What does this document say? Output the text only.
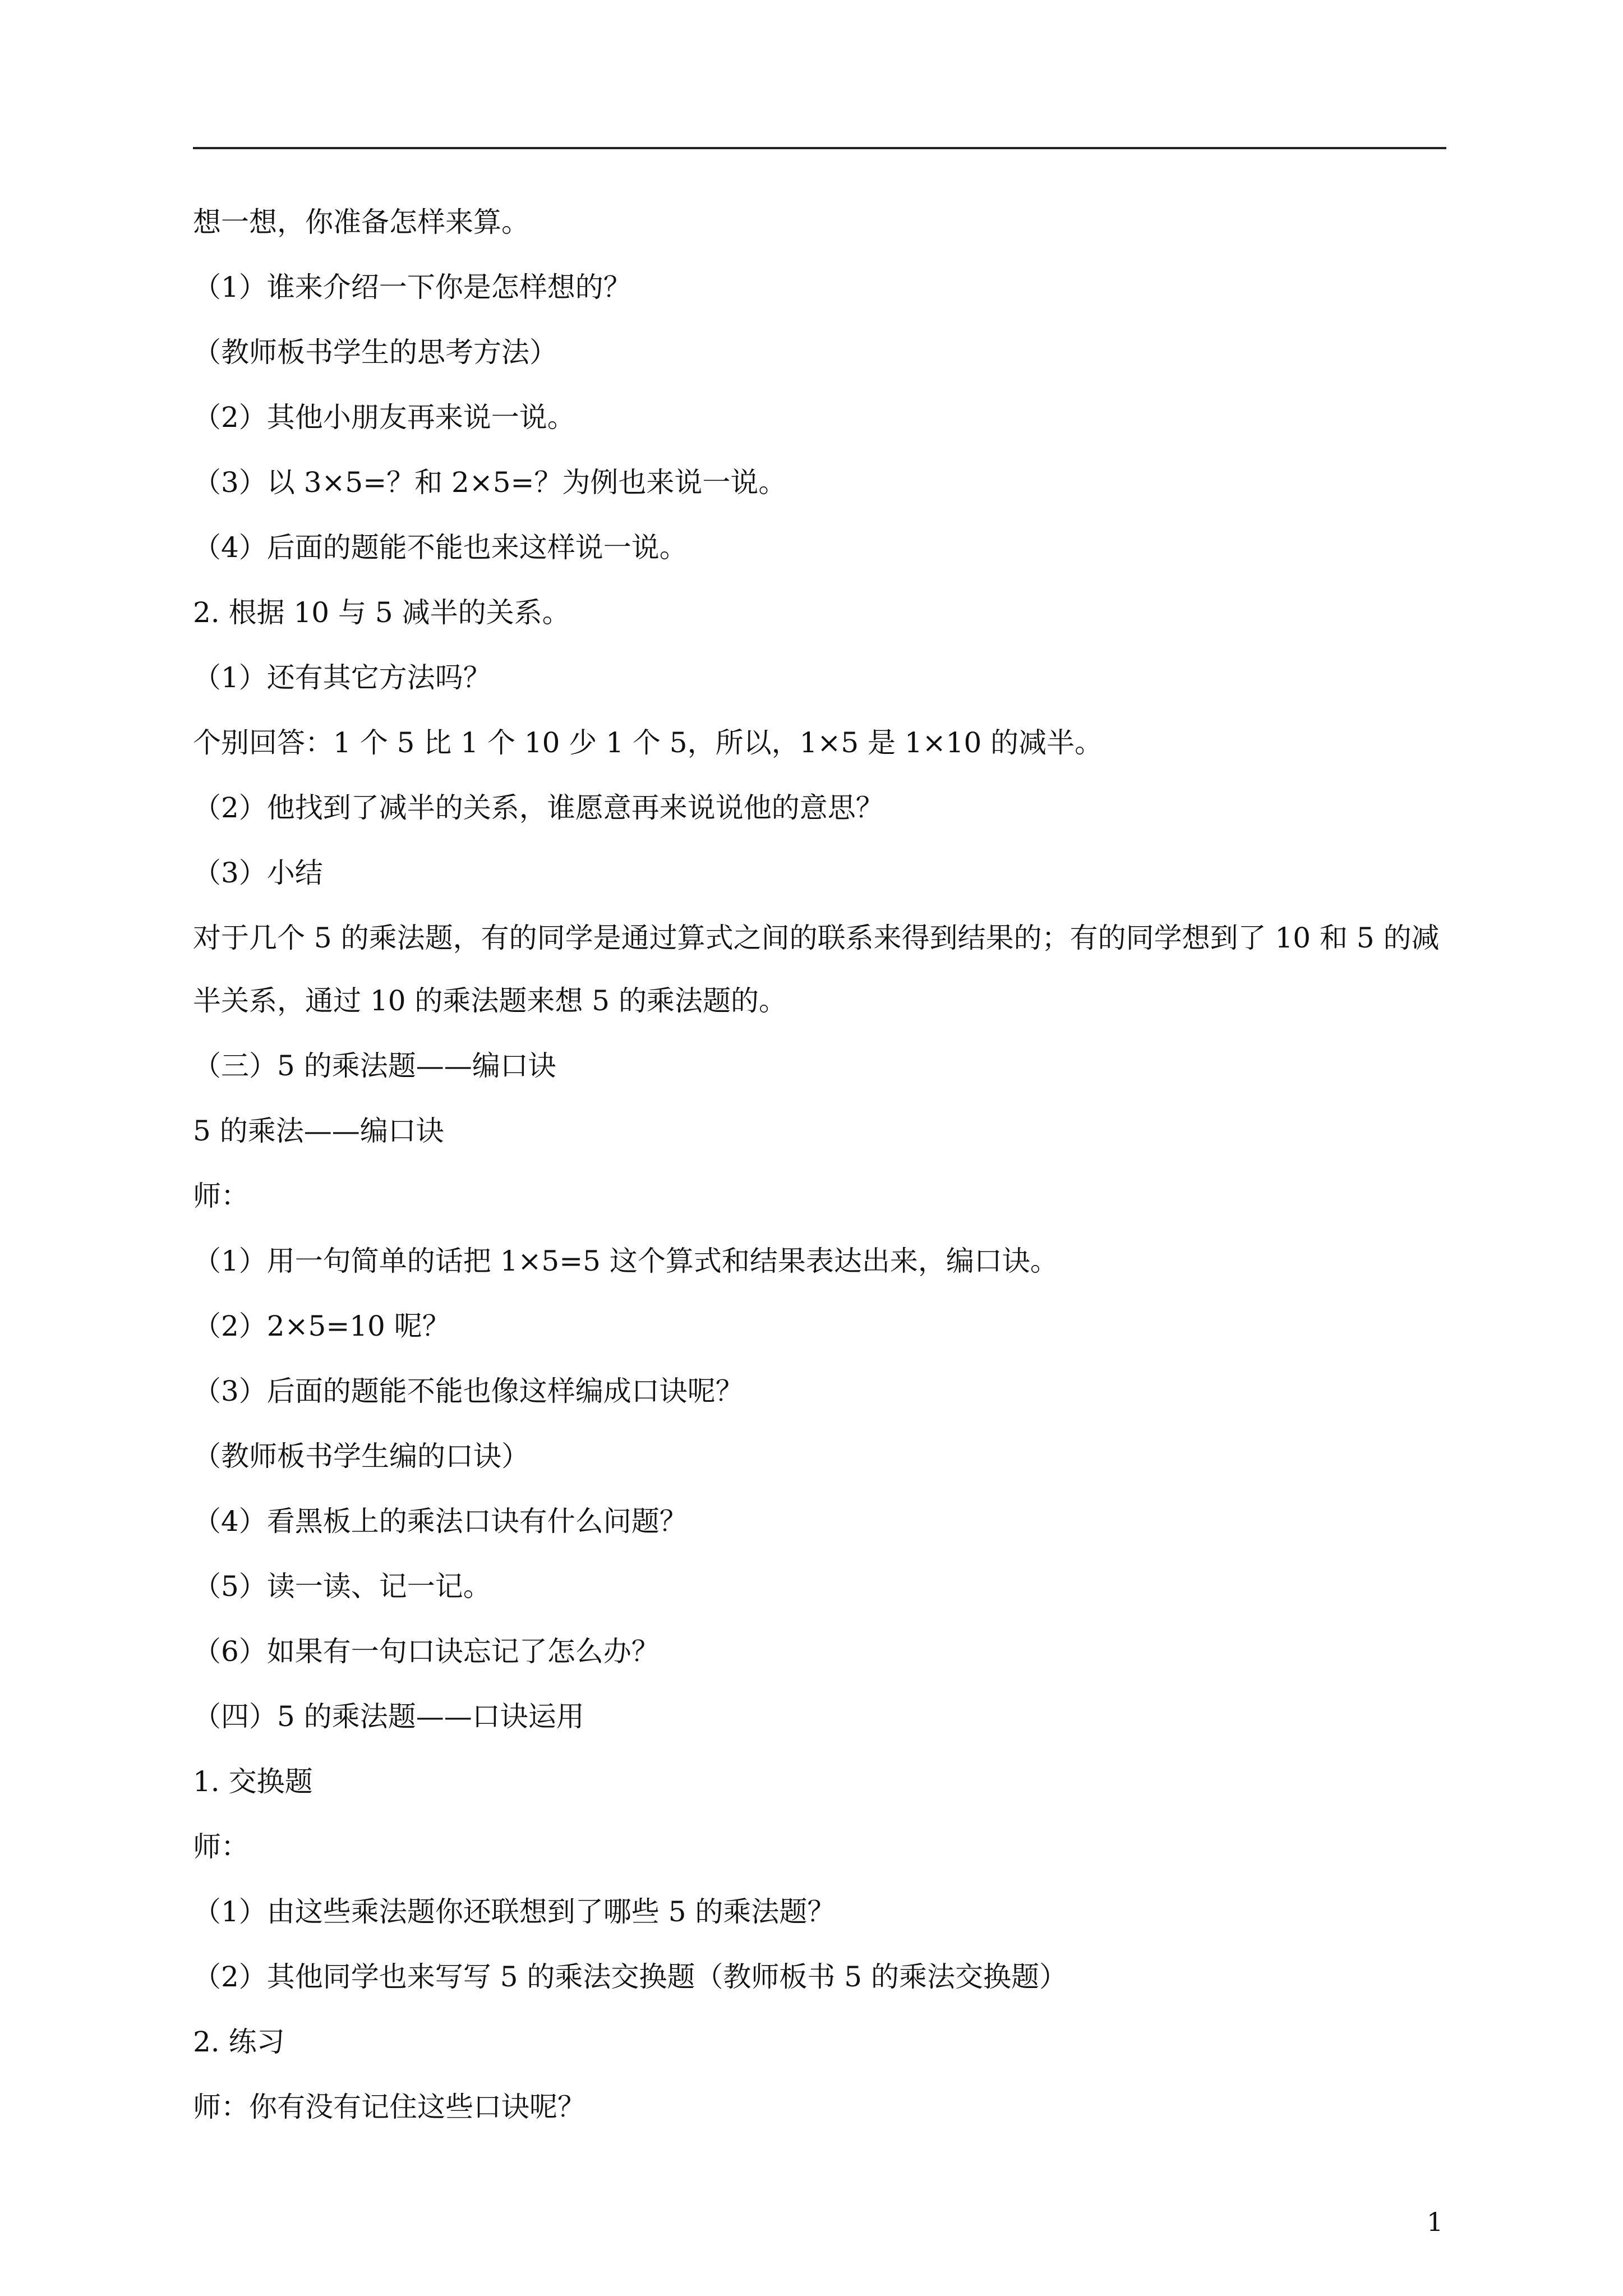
想一想，你准备怎样来算。
（1）谁来介绍一下你是怎样想的？
（教师板书学生的思考方法）
（2）其他小朋友再来说一说。
（3）以 3×5=？和 2×5=？为例也来说一说。
（4）后面的题能不能也来这样说一说。
2. 根据 10 与 5 减半的关系。
（1）还有其它方法吗？
个别回答：1 个 5 比 1 个 10 少 1 个 5，所以，1×5 是 1×10 的减半。
（2）他找到了减半的关系，谁愿意再来说说他的意思？
（3）小结
对于几个 5 的乘法题，有的同学是通过算式之间的联系来得到结果的；有的同学想到了 10 和 5 的减
半关系，通过 10 的乘法题来想 5 的乘法题的。
（三）5 的乘法题——编口诀
5 的乘法——编口诀
师：
（1）用一句简单的话把 1×5=5 这个算式和结果表达出来，编口诀。
（2）2×5=10 呢？
（3）后面的题能不能也像这样编成口诀呢？
（教师板书学生编的口诀）
（4）看黑板上的乘法口诀有什么问题？
（5）读一读、记一记。
（6）如果有一句口诀忘记了怎么办？
（四）5 的乘法题——口诀运用
1. 交换题
师：
（1）由这些乘法题你还联想到了哪些 5 的乘法题？
（2）其他同学也来写写 5 的乘法交换题（教师板书 5 的乘法交换题）
2. 练习
师：你有没有记住这些口诀呢？
1
